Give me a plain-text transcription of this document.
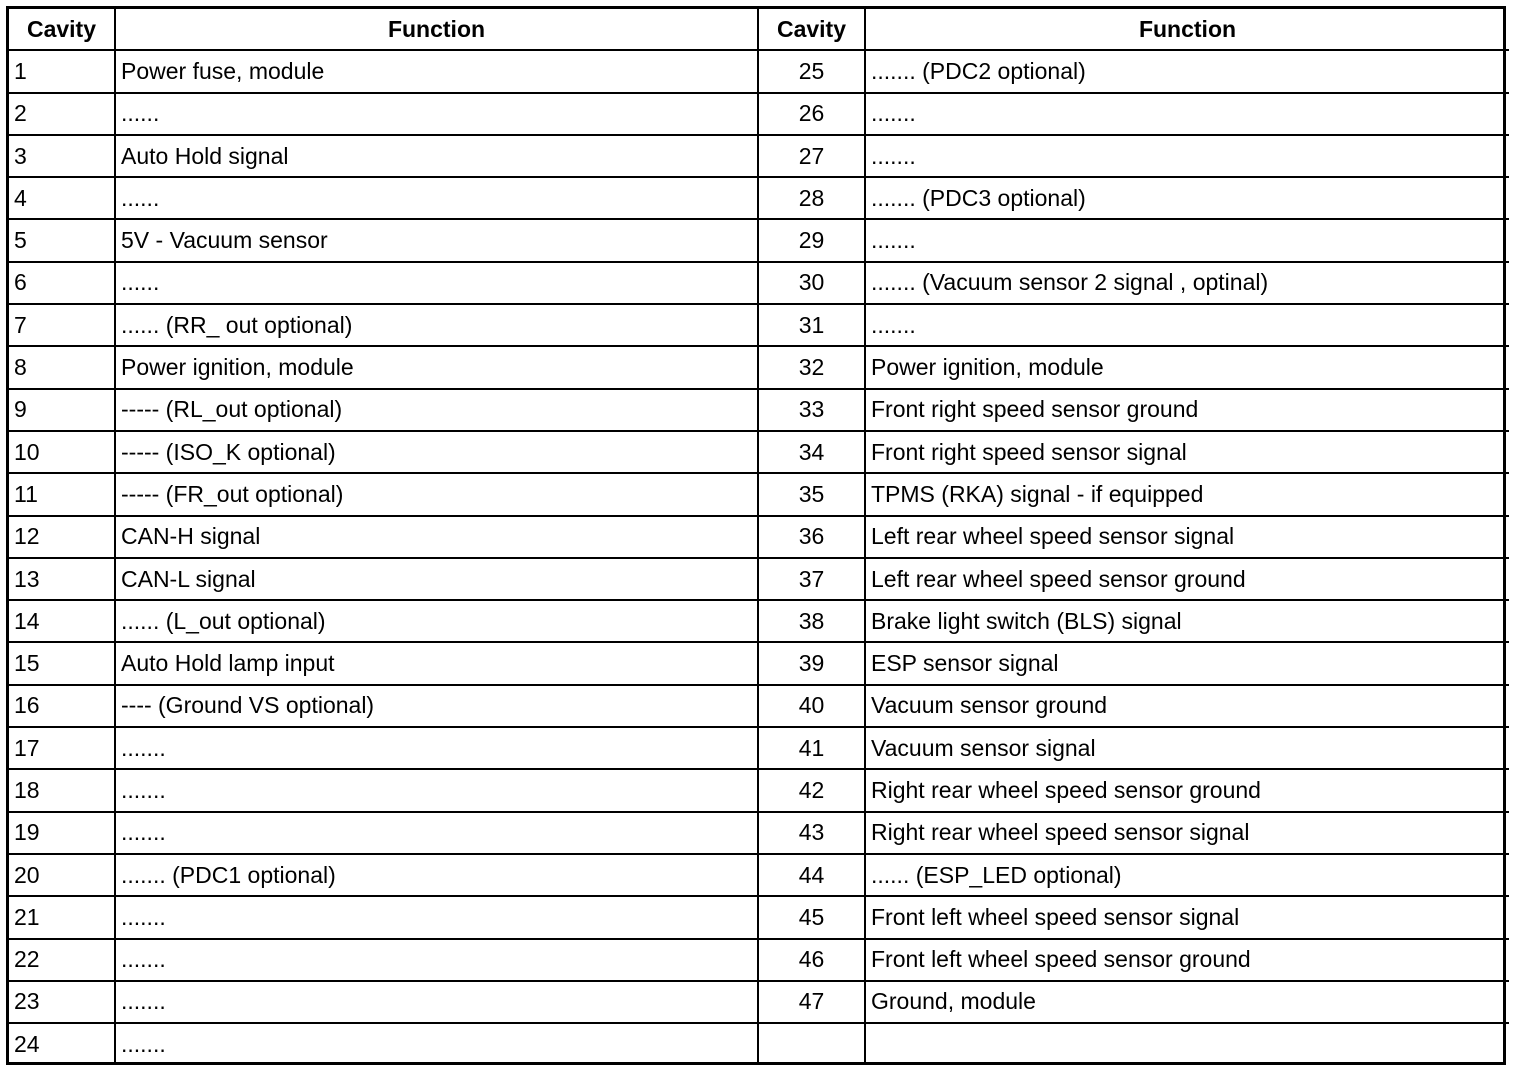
Cavity	Function	Cavity	Function
1	Power fuse, module	25	....... (PDC2 optional)
2	......	26	.......
3	Auto Hold signal	27	.......
4	......	28	....... (PDC3 optional)
5	5V - Vacuum sensor	29	.......
6	......	30	....... (Vacuum sensor 2 signal , optinal)
7	...... (RR_ out optional)	31	.......
8	Power ignition, module	32	Power ignition, module
9	----- (RL_out optional)	33	Front right speed sensor ground
10	----- (ISO_K optional)	34	Front right speed sensor signal
11	----- (FR_out optional)	35	TPMS (RKA) signal - if equipped
12	CAN-H signal	36	Left rear wheel speed sensor signal
13	CAN-L signal	37	Left rear wheel speed sensor ground
14	...... (L_out optional)	38	Brake light switch (BLS) signal
15	Auto Hold lamp input	39	ESP sensor signal
16	---- (Ground VS optional)	40	Vacuum sensor ground
17	.......	41	Vacuum sensor signal
18	.......	42	Right rear wheel speed sensor ground
19	.......	43	Right rear wheel speed sensor signal
20	....... (PDC1 optional)	44	...... (ESP_LED optional)
21	.......	45	Front left wheel speed sensor signal
22	.......	46	Front left wheel speed sensor ground
23	.......	47	Ground, module
24	.......		
